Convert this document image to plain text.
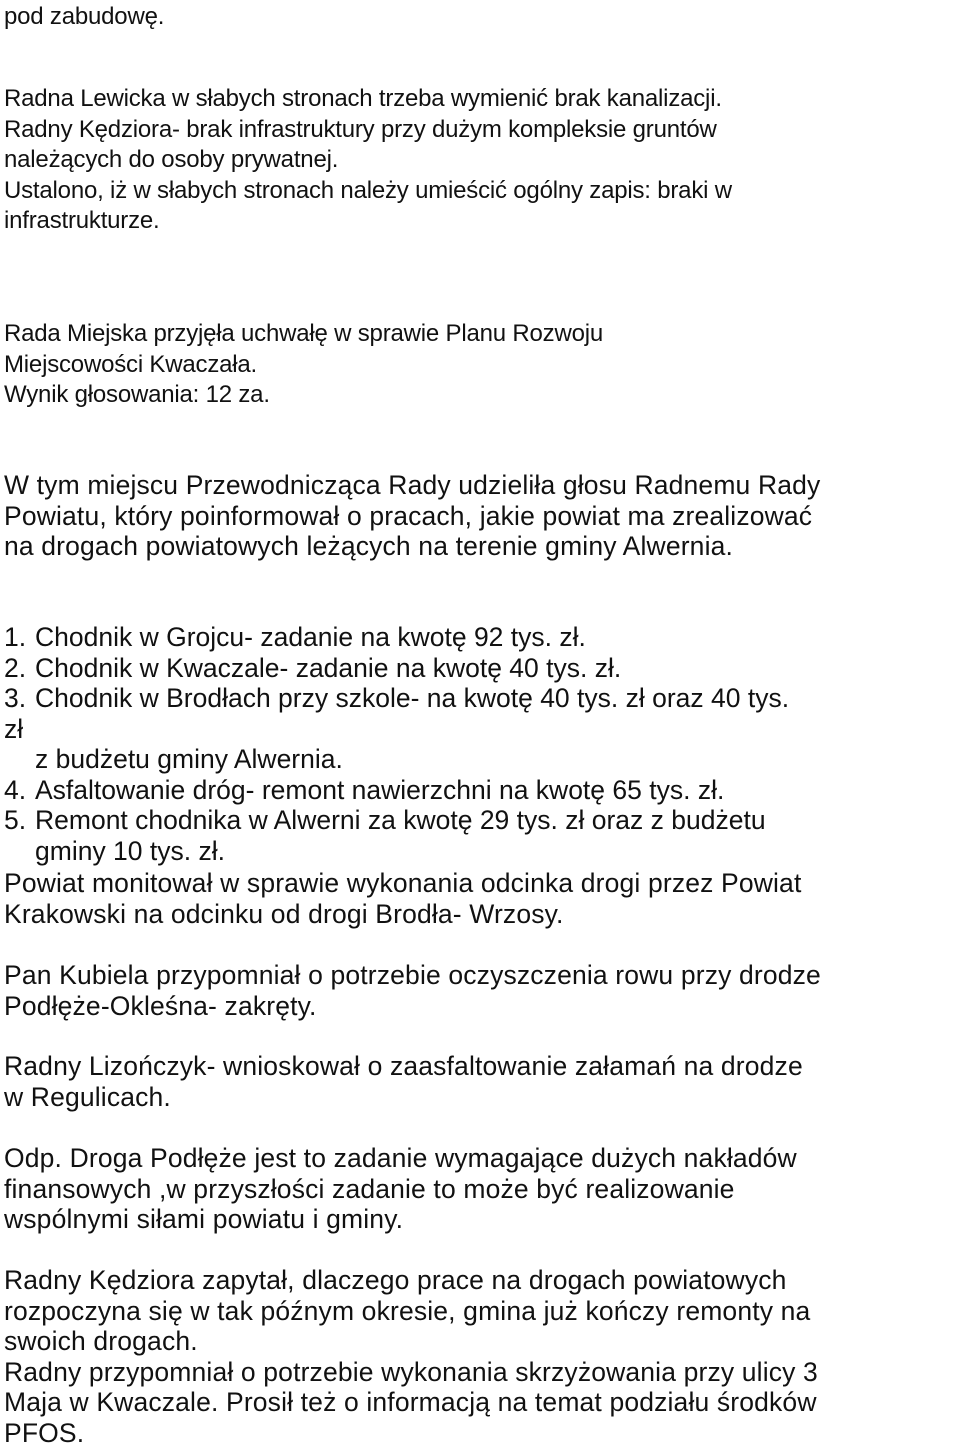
pod zabudowę.

Radna Lewicka w słabych stronach trzeba wymienić brak kanalizacji.
Radny Kędziora- brak infrastruktury przy dużym kompleksie gruntów
należących do osoby prywatnej.
Ustalono, iż w słabych stronach należy umieścić ogólny zapis: braki w
infrastrukturze.

Rada Miejska przyjęła uchwałę w sprawie Planu Rozwoju
Miejscowości Kwaczała.
Wynik głosowania: 12 za.

W tym miejscu Przewodnicząca Rady udzieliła głosu Radnemu Rady
Powiatu, który poinformował o pracach, jakie powiat ma zrealizować
na drogach powiatowych leżących na terenie gminy Alwernia.

1. Chodnik w Grojcu- zadanie na kwotę 92 tys. zł.
2. Chodnik w Kwaczale- zadanie na kwotę 40 tys. zł.
3. Chodnik w Brodłach przy szkole- na kwotę 40 tys. zł oraz 40 tys.
zł
z budżetu gminy Alwernia.
4. Asfaltowanie dróg- remont nawierzchni na kwotę 65 tys. zł.
5. Remont chodnika w Alwerni za kwotę 29 tys. zł oraz z budżetu
gminy 10 tys. zł.

Powiat monitował w sprawie wykonania odcinka drogi przez Powiat
Krakowski na odcinku od drogi Brodła- Wrzosy.

Pan Kubiela przypomniał o potrzebie oczyszczenia rowu przy drodze
Podłęże-Okleśna- zakręty.

Radny Lizończyk- wnioskował o zaasfaltowanie załamań na drodze
w Regulicach.

Odp. Droga Podłęże jest to zadanie wymagające dużych nakładów
finansowych ,w przyszłości zadanie to może być realizowanie
wspólnymi siłami powiatu i gminy.

Radny Kędziora zapytał, dlaczego prace na drogach powiatowych
rozpoczyna się w tak późnym okresie, gmina już kończy remonty na
swoich drogach.
Radny przypomniał o potrzebie wykonania skrzyżowania przy ulicy 3
Maja w Kwaczale. Prosił też o informacją na temat podziału środków
PFOS.
